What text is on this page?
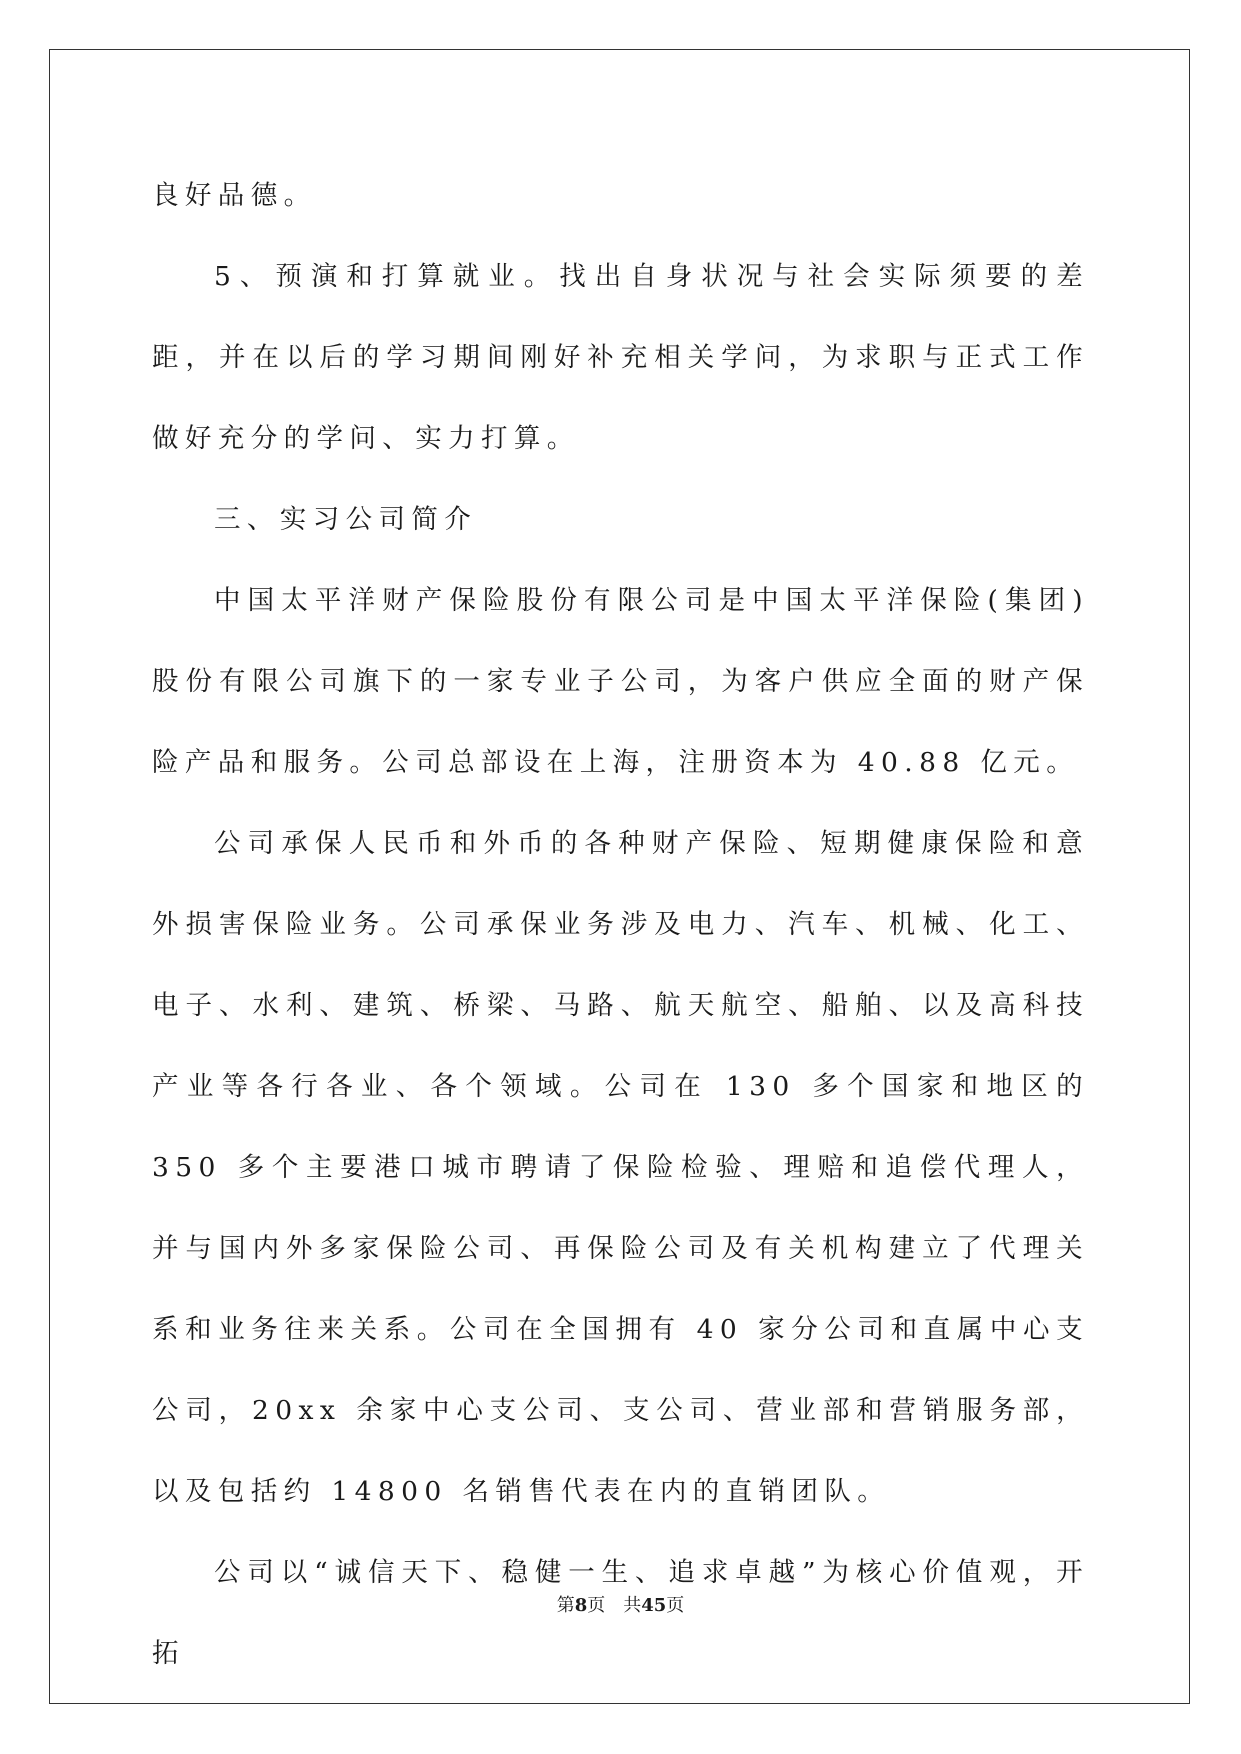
良好品德。

5、预演和打算就业。找出自身状况与社会实际须要的差距，并在以后的学习期间刚好补充相关学问，为求职与正式工作做好充分的学问、实力打算。

三、实习公司简介

中国太平洋财产保险股份有限公司是中国太平洋保险(集团)股份有限公司旗下的一家专业子公司，为客户供应全面的财产保险产品和服务。公司总部设在上海，注册资本为 40.88 亿元。

公司承保人民币和外币的各种财产保险、短期健康保险和意外损害保险业务。公司承保业务涉及电力、汽车、机械、化工、电子、水利、建筑、桥梁、马路、航天航空、船舶、以及高科技产业等各行各业、各个领域。公司在 130 多个国家和地区的 350 多个主要港口城市聘请了保险检验、理赔和追偿代理人，并与国内外多家保险公司、再保险公司及有关机构建立了代理关系和业务往来关系。公司在全国拥有 40 家分公司和直属中心支公司，20xx 余家中心支公司、支公司、营业部和营销服务部，以及包括约 14800 名销售代表在内的直销团队。

公司以“诚信天下、稳健一生、追求卓越”为核心价值观，开拓

第8页 共45页
